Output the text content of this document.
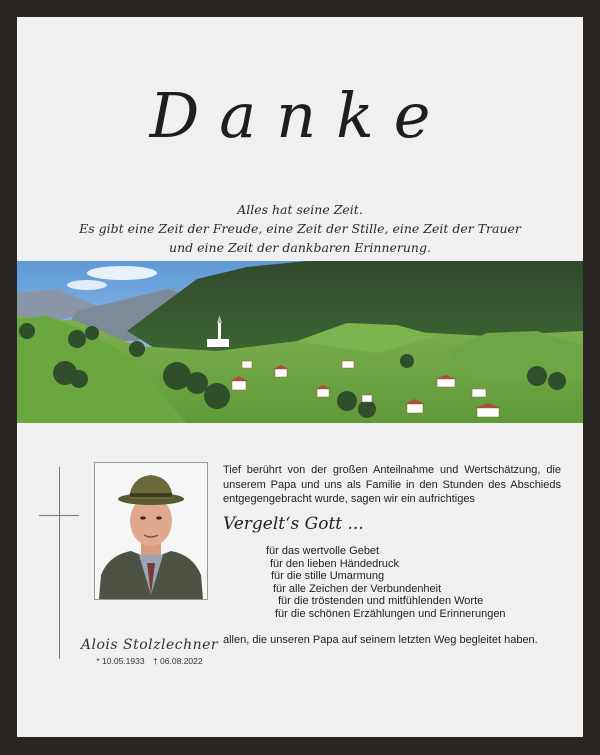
Danke
Alles hat seine Zeit.
Es gibt eine Zeit der Freude, eine Zeit der Stille, eine Zeit der Trauer
und eine Zeit der dankbaren Erinnerung.
Alois Stolzlechner
* 10.05.1933 † 06.08.2022
Tief berührt von der großen Anteilnahme und Wertschätzung, die unserem Papa und uns als Familie in den Stunden des Abschieds entgegengebracht wurde, sagen wir ein aufrichtiges
Vergelt‘s Gott ...
für das wertvolle Gebet
für den lieben Händedruck
für die stille Umarmung
für alle Zeichen der Verbundenheit
für die tröstenden und mitfühlenden Worte
für die schönen Erzählungen und Erinnerungen
allen, die unseren Papa auf seinem letzten Weg begleitet haben.
